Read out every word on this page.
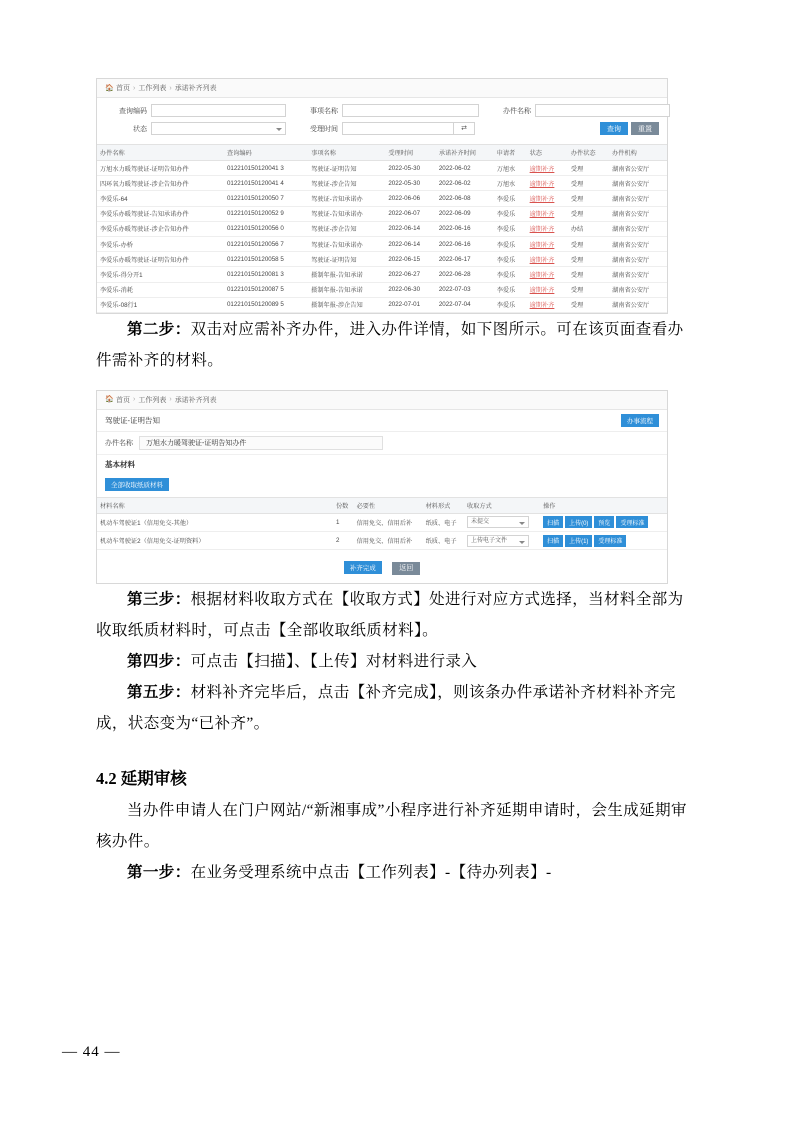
🏠 首页 › 工作列表 › 承诺补齐列表
查询编码	事项名称	办件名称
状态	受理时间	⇄	查询	重置
办件名称	查询编码	事项名称	受理时间	承诺补齐时间	申请者	状态	办件状态	办件机构
万旭水力暖驾驶证-证明告知办件	012210150120041 3	驾驶证-证明告知	2022-05-30	2022-06-02	万旭水	逾期补齐	受理	湖南省公安厅
四环氧力暖驾驶证-涉企告知办件	012210150120041 4	驾驶证-涉企告知	2022-05-30	2022-06-02	万旭水	逾期补齐	受理	湖南省公安厅
李爱乐-64	012210150120050 7	驾驶证-音知承诺办	2022-06-06	2022-06-08	李爱乐	逾期补齐	受理	湖南省公安厅
李爱乐办暖驾驶证-告知承诺办件	012210150120052 9	驾驶证-告知承诺办	2022-06-07	2022-06-09	李爱乐	逾期补齐	受理	湖南省公安厅
李爱乐办暖驾驶证-涉企告知办件	012210150120056 0	驾驶证-涉企告知	2022-06-14	2022-06-16	李爱乐	逾期补齐	办结	湖南省公安厅
李爱乐-办桥	012210150120056 7	驾驶证-告知承诺办	2022-06-14	2022-06-16	李爱乐	逾期补齐	受理	湖南省公安厅
李爱乐办暖驾驶证-证明告知办件	012210150120058 5	驾驶证-证明告知	2022-06-15	2022-06-17	李爱乐	逾期补齐	受理	湖南省公安厅
李爱乐-得分开1	012210150120081 3	摄制年报-告知承诺	2022-06-27	2022-06-28	李爱乐	逾期补齐	受理	湖南省公安厅
李爱乐-消耗	012210150120087 5	摄制年报-告知承诺	2022-06-30	2022-07-03	李爱乐	逾期补齐	受理	湖南省公安厅
李爱乐-08行1	012210150120089 5	摄制年报-涉企告知	2022-07-01	2022-07-04	李爱乐	逾期补齐	受理	湖南省公安厅

第二步：双击对应需补齐办件，进入办件详情，如下图所示。可在该页面查看办件需补齐的材料。

🏠 首页 › 工作列表 › 承诺补齐列表
驾驶证-证明告知	办事流程
办件名称	万旭水力暖驾驶证-证明告知办件
基本材料
全部收取纸质材料
材料名称	份数	必要性	材料形式	收取方式	操作
机动车驾驶证1（信用免交-其他）	1	信用免交、信用后补	纸质、电子	未提交	扫描 上传(0) 预览 受理标准
机动车驾驶证2（信用免交-证明资料）	2	信用免交、信用后补	纸质、电子	上传电子文件	扫描 上传(1) 受理标准
补齐完成	返回

第三步：根据材料收取方式在【收取方式】处进行对应方式选择，当材料全部为收取纸质材料时，可点击【全部收取纸质材料】。

第四步：可点击【扫描】、【上传】对材料进行录入

第五步：材料补齐完毕后，点击【补齐完成】，则该条办件承诺补齐材料补齐完成，状态变为“已补齐”。

4.2 延期审核

当办件申请人在门户网站/“新湘事成”小程序进行补齐延期申请时，会生成延期审核办件。

第一步：在业务受理系统中点击【工作列表】-【待办列表】-

— 44 —
